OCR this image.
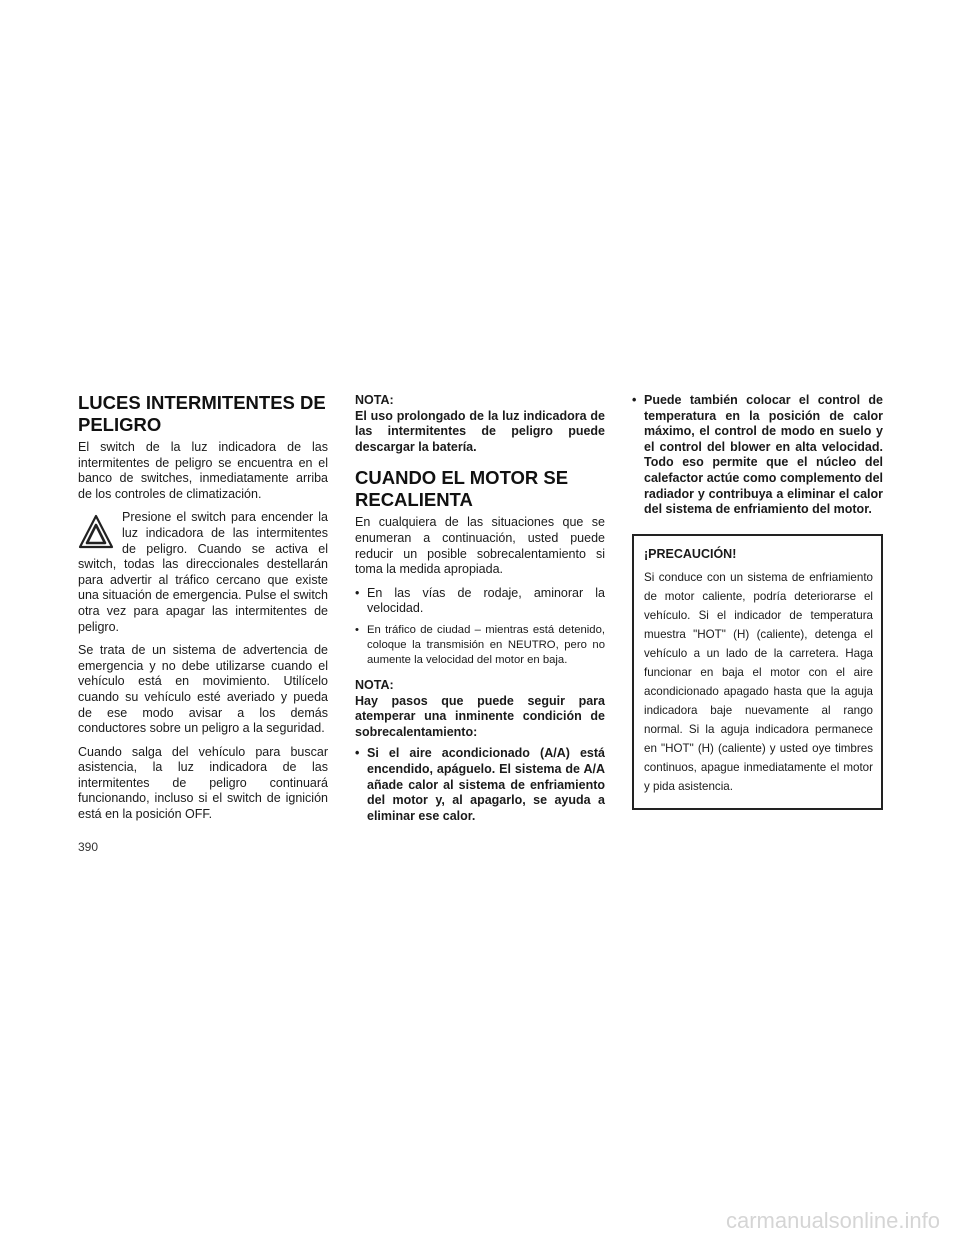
LUCES INTERMITENTES DE PELIGRO

El switch de la luz indicadora de las intermitentes de peligro se encuentra en el banco de switches, inmediatamente arriba de los controles de climatización.

Presione el switch para encender la luz indicadora de las intermitentes de peligro. Cuando se activa el switch, todas las direccionales destellarán para advertir al tráfico cercano que existe una situación de emergencia. Pulse el switch otra vez para apagar las intermitentes de peligro.

Se trata de un sistema de advertencia de emergencia y no debe utilizarse cuando el vehículo está en movimiento. Utilícelo cuando su vehículo esté averiado y pueda de ese modo avisar a los demás conductores sobre un peligro a la seguridad.

Cuando salga del vehículo para buscar asistencia, la luz indicadora de las intermitentes de peligro continuará funcionando, incluso si el switch de ignición está en la posición OFF.

NOTA:
El uso prolongado de la luz indicadora de las intermitentes de peligro puede descargar la batería.
CUANDO EL MOTOR SE RECALIENTA

En cualquiera de las situaciones que se enumeran a continuación, usted puede reducir un posible sobrecalentamiento si toma la medida apropiada.

• En las vías de rodaje, aminorar la velocidad.
• En tráfico de ciudad – mientras está detenido, coloque la transmisión en NEUTRO, pero no aumente la velocidad del motor en baja.
NOTA:
Hay pasos que puede seguir para atemperar una inminente condición de sobrecalentamiento:
• Si el aire acondicionado (A/A) está encendido, apáguelo. El sistema de A/A añade calor al sistema de enfriamiento del motor y, al apagarlo, se ayuda a eliminar ese calor.
• Puede también colocar el control de temperatura en la posición de calor máximo, el control de modo en suelo y el control del blower en alta velocidad. Todo eso permite que el núcleo del calefactor actúe como complemento del radiador y contribuya a eliminar el calor del sistema de enfriamiento del motor.
¡PRECAUCIÓN!
Si conduce con un sistema de enfriamiento de motor caliente, podría deteriorarse el vehículo. Si el indicador de temperatura muestra "HOT" (H) (caliente), detenga el vehículo a un lado de la carretera. Haga funcionar en baja el motor con el aire acondicionado apagado hasta que la aguja indicadora baje nuevamente al rango normal. Si la aguja indicadora permanece en "HOT" (H) (caliente) y usted oye timbres continuos, apague inmediatamente el motor y pida asistencia.
390
carmanualsonline.info
